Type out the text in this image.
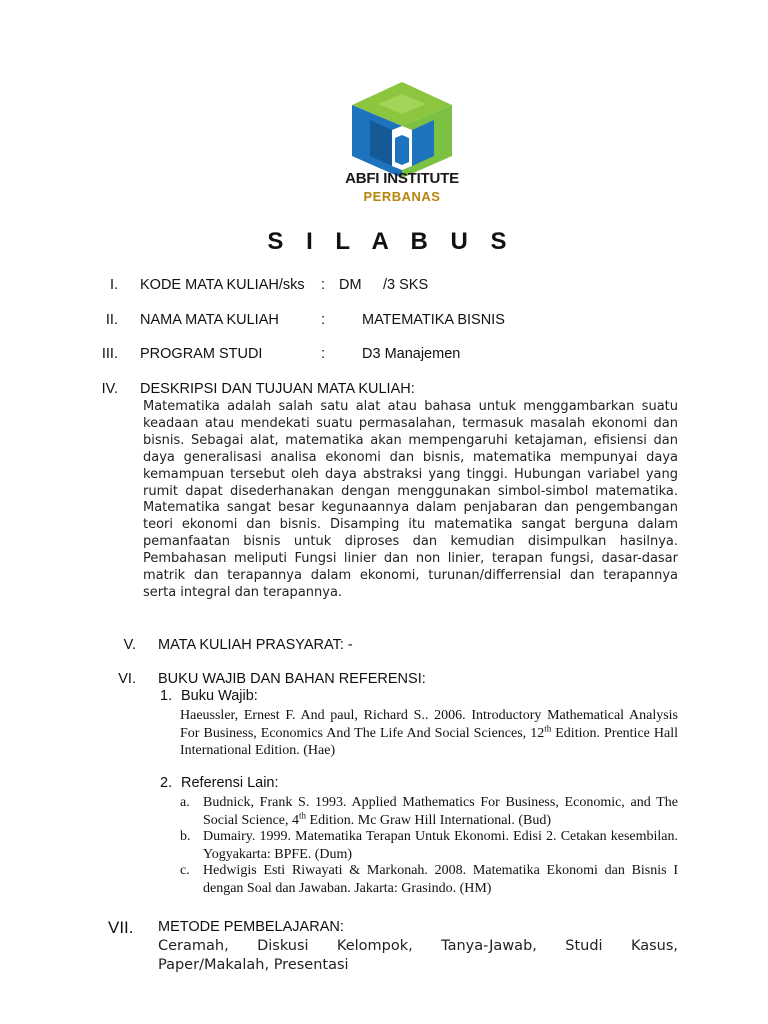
ABFI INSTITUTE
PERBANAS
S I L A B U S
I. KODE MATA KULIAH/sks : DM /3 SKS
II. NAMA MATA KULIAH	:	MATEMATIKA BISNIS
III. PROGRAM STUDI	:	D3 Manajemen
IV. DESKRIPSI DAN TUJUAN MATA KULIAH:
Matematika adalah salah satu alat atau bahasa untuk menggambarkan suatu keadaan atau mendekati suatu permasalahan, termasuk masalah ekonomi dan bisnis. Sebagai alat, matematika akan mempengaruhi ketajaman, efisiensi dan daya generalisasi analisa ekonomi dan bisnis, matematika mempunyai daya kemampuan tersebut oleh daya abstraksi yang tinggi. Hubungan variabel yang rumit dapat disederhanakan dengan menggunakan simbol-simbol matematika. Matematika sangat besar kegunaannya dalam penjabaran dan pengembangan teori ekonomi dan bisnis. Disamping itu matematika sangat berguna dalam pemanfaatan bisnis untuk diproses dan kemudian disimpulkan hasilnya. Pembahasan meliputi Fungsi linier dan non linier, terapan fungsi, dasar-dasar matrik dan terapannya dalam ekonomi, turunan/differrensial dan terapannya serta integral dan terapannya.
V. MATA KULIAH PRASYARAT: -
VI. BUKU WAJIB DAN BAHAN REFERENSI:
1. Buku Wajib:
Haeussler, Ernest F. And paul, Richard S.. 2006. Introductory Mathematical Analysis For Business, Economics And The Life And Social Sciences, 12th Edition. Prentice Hall International Edition. (Hae)
2. Referensi Lain:
a. Budnick, Frank S. 1993. Applied Mathematics For Business, Economic, and The Social Science, 4th Edition. Mc Graw Hill International. (Bud)
b. Dumairy. 1999. Matematika Terapan Untuk Ekonomi. Edisi 2. Cetakan kesembilan. Yogyakarta: BPFE. (Dum)
c. Hedwigis Esti Riwayati & Markonah. 2008. Matematika Ekonomi dan Bisnis I dengan Soal dan Jawaban. Jakarta: Grasindo. (HM)
VII. METODE PEMBELAJARAN:
Ceramah, Diskusi Kelompok, Tanya-Jawab, Studi Kasus,
Paper/Makalah, Presentasi
